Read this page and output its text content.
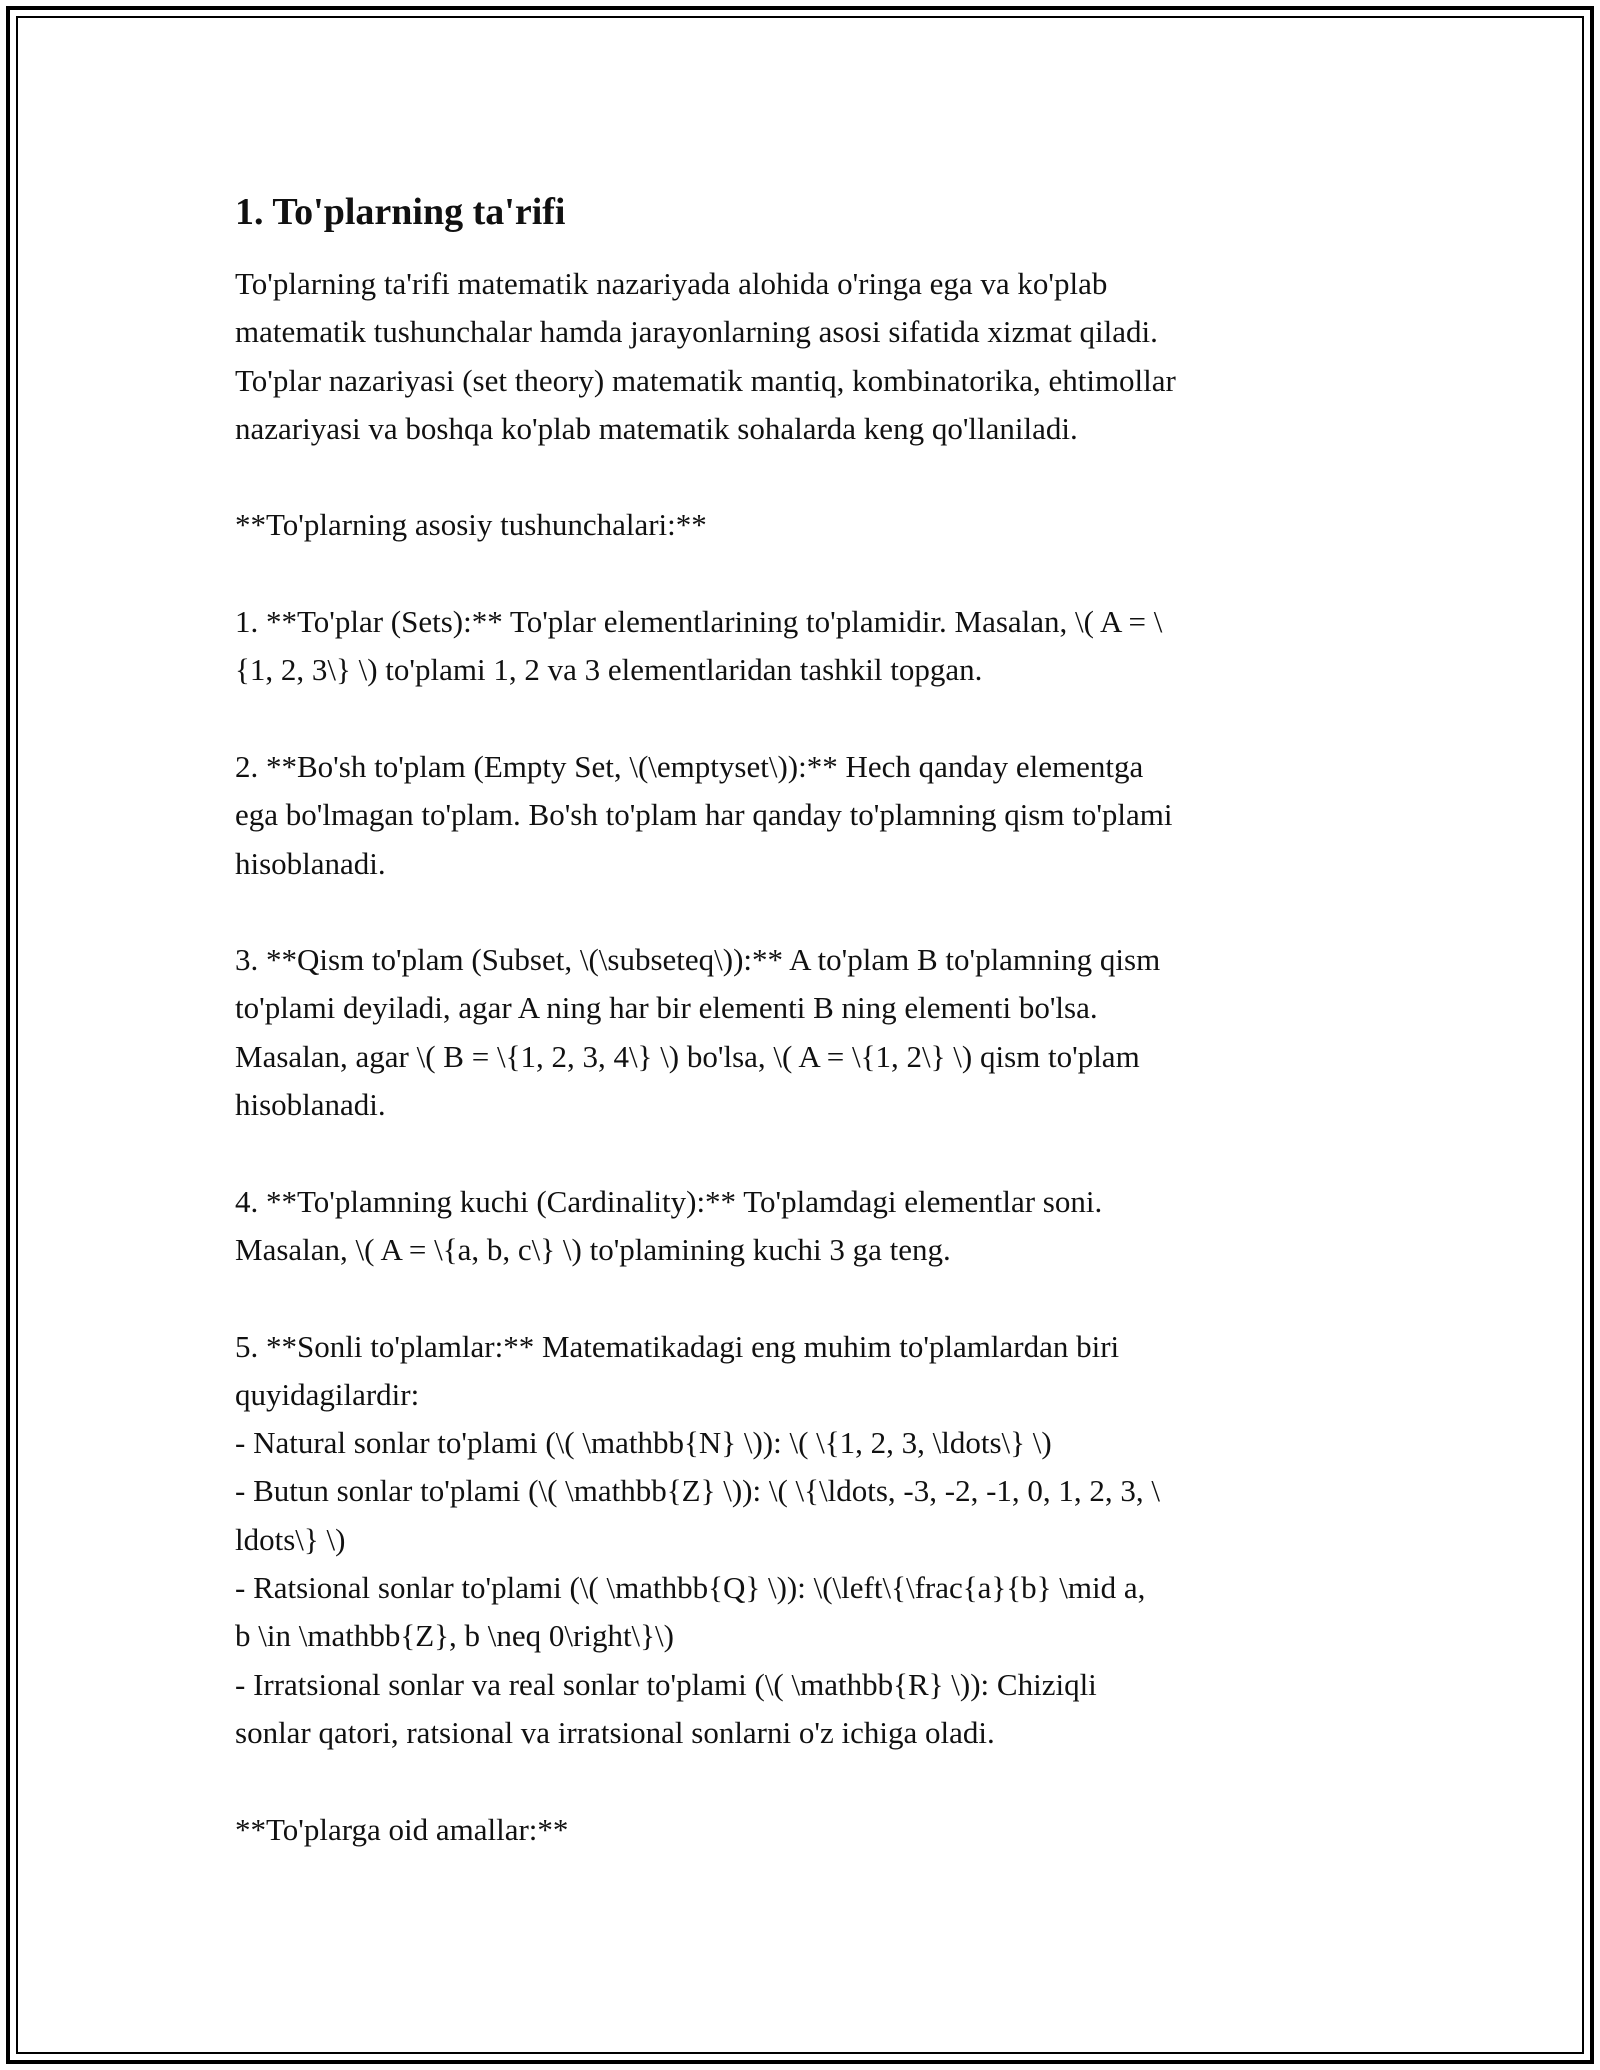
1. To'plarning ta'rifi

To'plarning ta'rifi matematik nazariyada alohida o'ringa ega va ko'plab
matematik tushunchalar hamda jarayonlarning asosi sifatida xizmat qiladi.
To'plar nazariyasi (set theory) matematik mantiq, kombinatorika, ehtimollar
nazariyasi va boshqa ko'plab matematik sohalarda keng qo'llaniladi.

**To'plarning asosiy tushunchalari:**

1. **To'plar (Sets):** To'plar elementlarining to'plamidir. Masalan, \( A = \
{1, 2, 3\} \) to'plami 1, 2 va 3 elementlaridan tashkil topgan.

2. **Bo'sh to'plam (Empty Set, \(\emptyset\)):** Hech qanday elementga
ega bo'lmagan to'plam. Bo'sh to'plam har qanday to'plamning qism to'plami
hisoblanadi.

3. **Qism to'plam (Subset, \(\subseteq\)):** A to'plam B to'plamning qism
to'plami deyiladi, agar A ning har bir elementi B ning elementi bo'lsa.
Masalan, agar \( B = \{1, 2, 3, 4\} \) bo'lsa, \( A = \{1, 2\} \) qism to'plam
hisoblanadi.

4. **To'plamning kuchi (Cardinality):** To'plamdagi elementlar soni.
Masalan, \( A = \{a, b, c\} \) to'plamining kuchi 3 ga teng.

5. **Sonli to'plamlar:** Matematikadagi eng muhim to'plamlardan biri
quyidagilardir:
- Natural sonlar to'plami (\( \mathbb{N} \)): \( \{1, 2, 3, \ldots\} \)
- Butun sonlar to'plami (\( \mathbb{Z} \)): \( \{\ldots, -3, -2, -1, 0, 1, 2, 3, \
ldots\} \)
- Ratsional sonlar to'plami (\( \mathbb{Q} \)): \(\left\{\frac{a}{b} \mid a,
b \in \mathbb{Z}, b \neq 0\right\}\)
- Irratsional sonlar va real sonlar to'plami (\( \mathbb{R} \)): Chiziqli
sonlar qatori, ratsional va irratsional sonlarni o'z ichiga oladi.

**To'plarga oid amallar:**
